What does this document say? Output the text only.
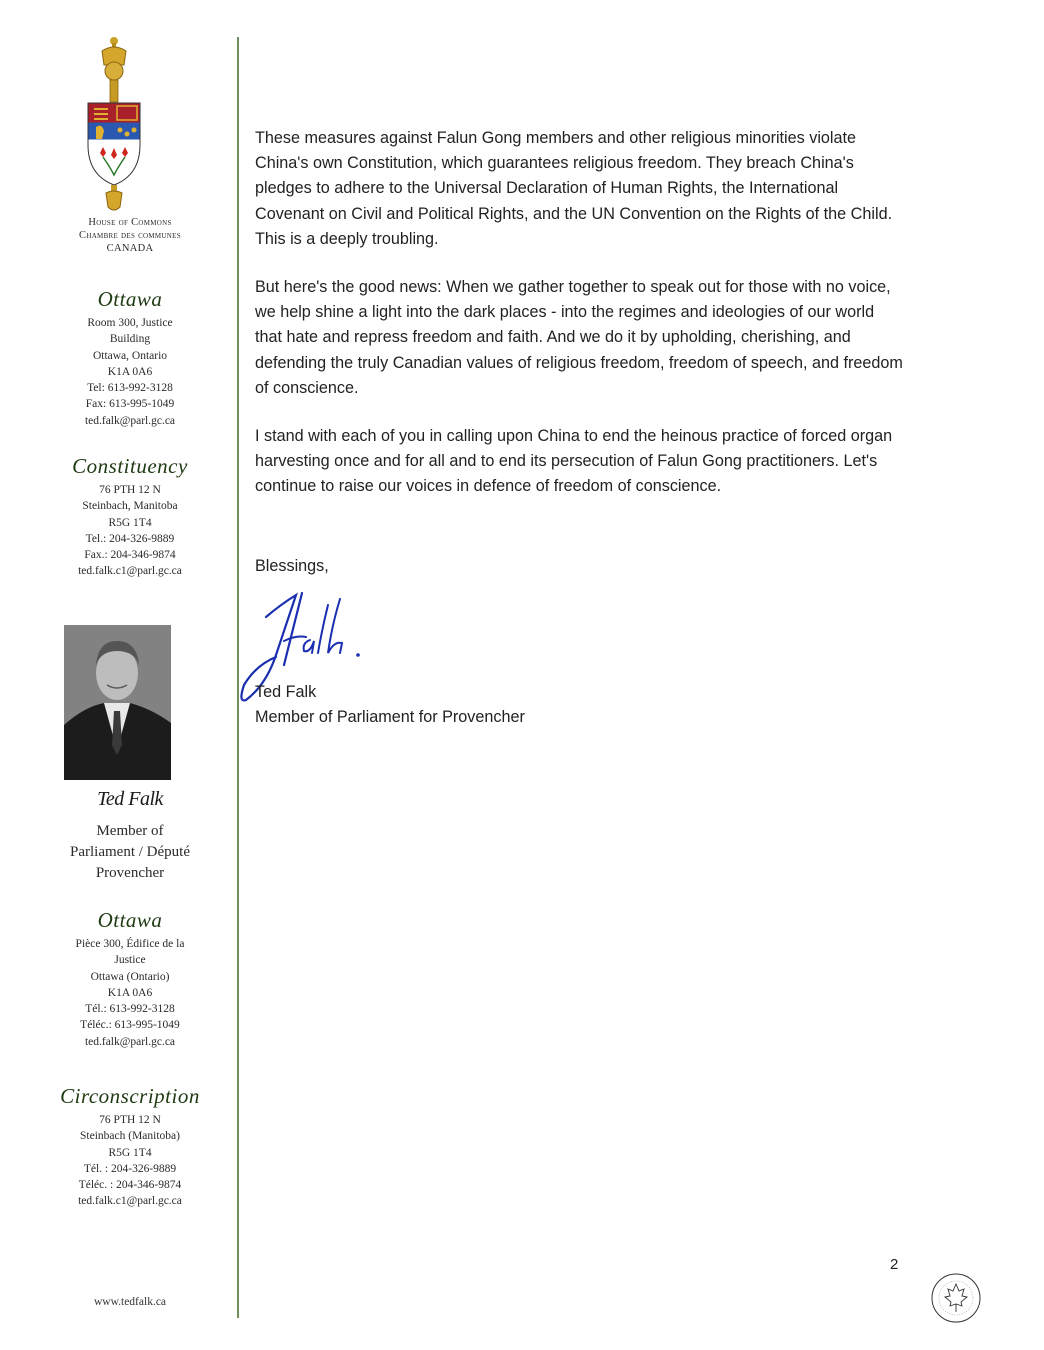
House of Commons
Chambre des communes
CANADA
Ottawa
Room 300, Justice
Building
Ottawa, Ontario
K1A 0A6
Tel: 613-992-3128
Fax: 613-995-1049
ted.falk@parl.gc.ca
Constituency
76 PTH 12 N
Steinbach, Manitoba
R5G 1T4
Tel.: 204-326-9889
Fax.: 204-346-9874
ted.falk.c1@parl.gc.ca
Ted Falk
Member of
Parliament / Député
Provencher
Ottawa
Pièce 300, Édifice de la
Justice
Ottawa (Ontario)
K1A 0A6
Tél.: 613-992-3128
Téléc.: 613-995-1049
ted.falk@parl.gc.ca
Circonscription
76 PTH 12 N
Steinbach (Manitoba)
R5G 1T4
Tél. : 204-326-9889
Téléc. : 204-346-9874
ted.falk.c1@parl.gc.ca
www.tedfalk.ca

These measures against Falun Gong members and other religious minorities violate China's own Constitution, which guarantees religious freedom. They breach China's pledges to adhere to the Universal Declaration of Human Rights, the International Covenant on Civil and Political Rights, and the UN Convention on the Rights of the Child. This is a deeply troubling.

But here's the good news: When we gather together to speak out for those with no voice, we help shine a light into the dark places - into the regimes and ideologies of our world that hate and repress freedom and faith. And we do it by upholding, cherishing, and defending the truly Canadian values of religious freedom, freedom of speech, and freedom of conscience.

I stand with each of you in calling upon China to end the heinous practice of forced organ harvesting once and for all and to end its persecution of Falun Gong practitioners. Let's continue to raise our voices in defence of freedom of conscience.

Blessings,
Ted Falk
Member of Parliament for Provencher
2
